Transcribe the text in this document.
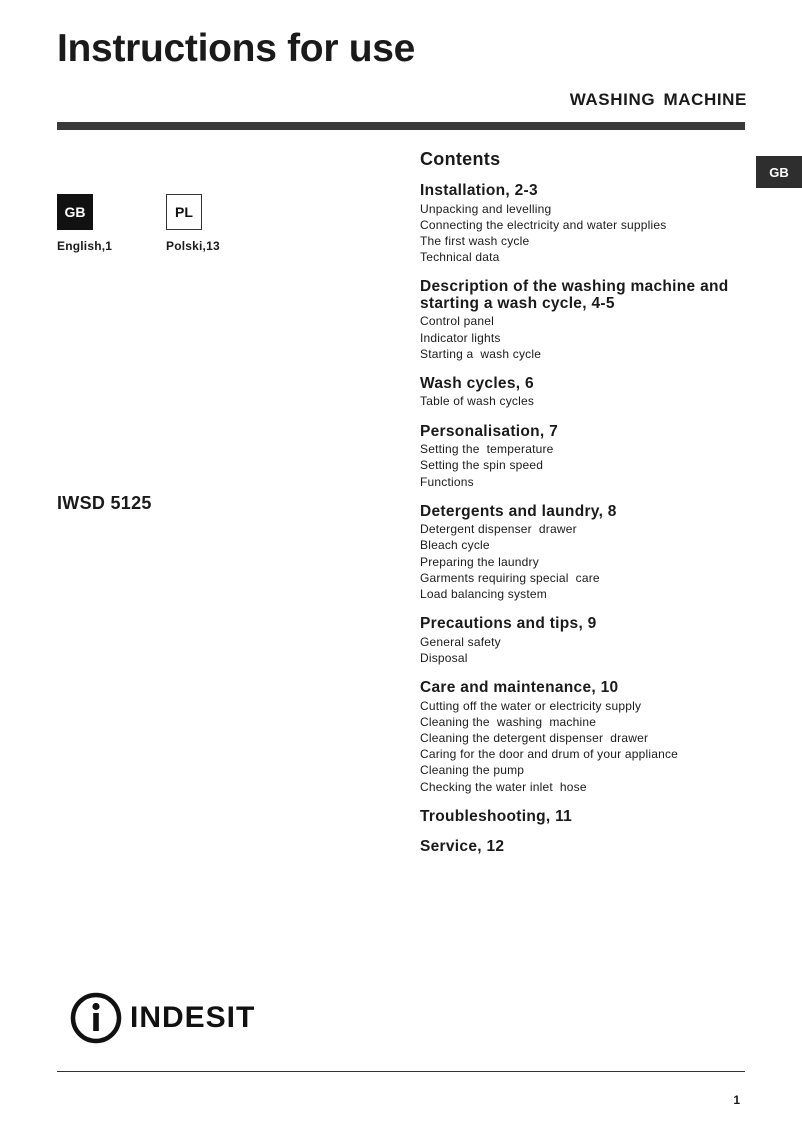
Instructions for use
WASHING MACHINE
GB
GB
English,1
PL
Polski,13
IWSD 5125
Contents
Installation, 2-3
Unpacking and levelling
Connecting the electricity and water supplies
The first wash cycle
Technical data
Description of the washing machine and starting a wash cycle, 4-5
Control panel
Indicator lights
Starting a  wash cycle
Wash cycles, 6
Table of wash cycles
Personalisation, 7
Setting the  temperature
Setting the spin speed
Functions
Detergents and laundry, 8
Detergent dispenser  drawer
Bleach cycle
Preparing the laundry
Garments requiring special  care
Load balancing system
Precautions and tips, 9
General safety
Disposal
Care and maintenance, 10
Cutting off the water or electricity supply
Cleaning the  washing  machine
Cleaning the detergent dispenser  drawer
Caring for the door and drum of your appliance
Cleaning the pump
Checking the water inlet  hose
Troubleshooting, 11
Service, 12
INDESIT
1
